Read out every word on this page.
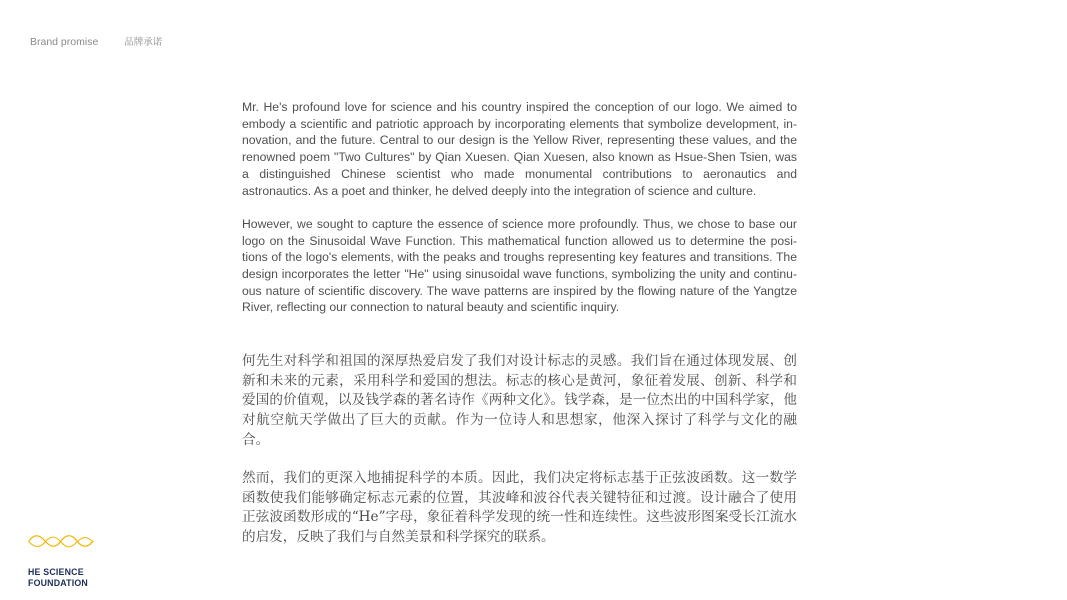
Brand promise	品牌承诺

Mr. He's profound love for science and his country inspired the conception of our logo. We aimed to embody a scientific and patriotic approach by incorporating elements that symbolize development, innovation, and the future. Central to our design is the Yellow River, representing these values, and the renowned poem "Two Cultures" by Qian Xuesen. Qian Xuesen, also known as Hsue-Shen Tsien, was a distinguished Chinese scientist who made monumental contributions to aeronautics and astronautics. As a poet and thinker, he delved deeply into the integration of science and culture.

However, we sought to capture the essence of science more profoundly. Thus, we chose to base our logo on the Sinusoidal Wave Function. This mathematical function allowed us to determine the positions of the logo's elements, with the peaks and troughs representing key features and transitions. The design incorporates the letter "He" using sinusoidal wave functions, symbolizing the unity and continuous nature of scientific discovery. The wave patterns are inspired by the flowing nature of the Yangtze River, reflecting our connection to natural beauty and scientific inquiry.

何先生对科学和祖国的深厚热爱启发了我们对设计标志的灵感。我们旨在通过体现发展、创新和未来的元素，采用科学和爱国的想法。标志的核心是黄河，象征着发展、创新、科学和爱国的价值观，以及钱学森的著名诗作《两种文化》。钱学森，是一位杰出的中国科学家，他对航空航天学做出了巨大的贡献。作为一位诗人和思想家，他深入探讨了科学与文化的融合。

然而，我们的更深入地捕捉科学的本质。因此，我们决定将标志基于正弦波函数。这一数学函数使我们能够确定标志元素的位置，其波峰和波谷代表关键特征和过渡。设计融合了使用正弦波函数形成的“He”字母，象征着科学发现的统一性和连续性。这些波形图案受长江流水的启发，反映了我们与自然美景和科学探究的联系。

HE SCIENCE
FOUNDATION
